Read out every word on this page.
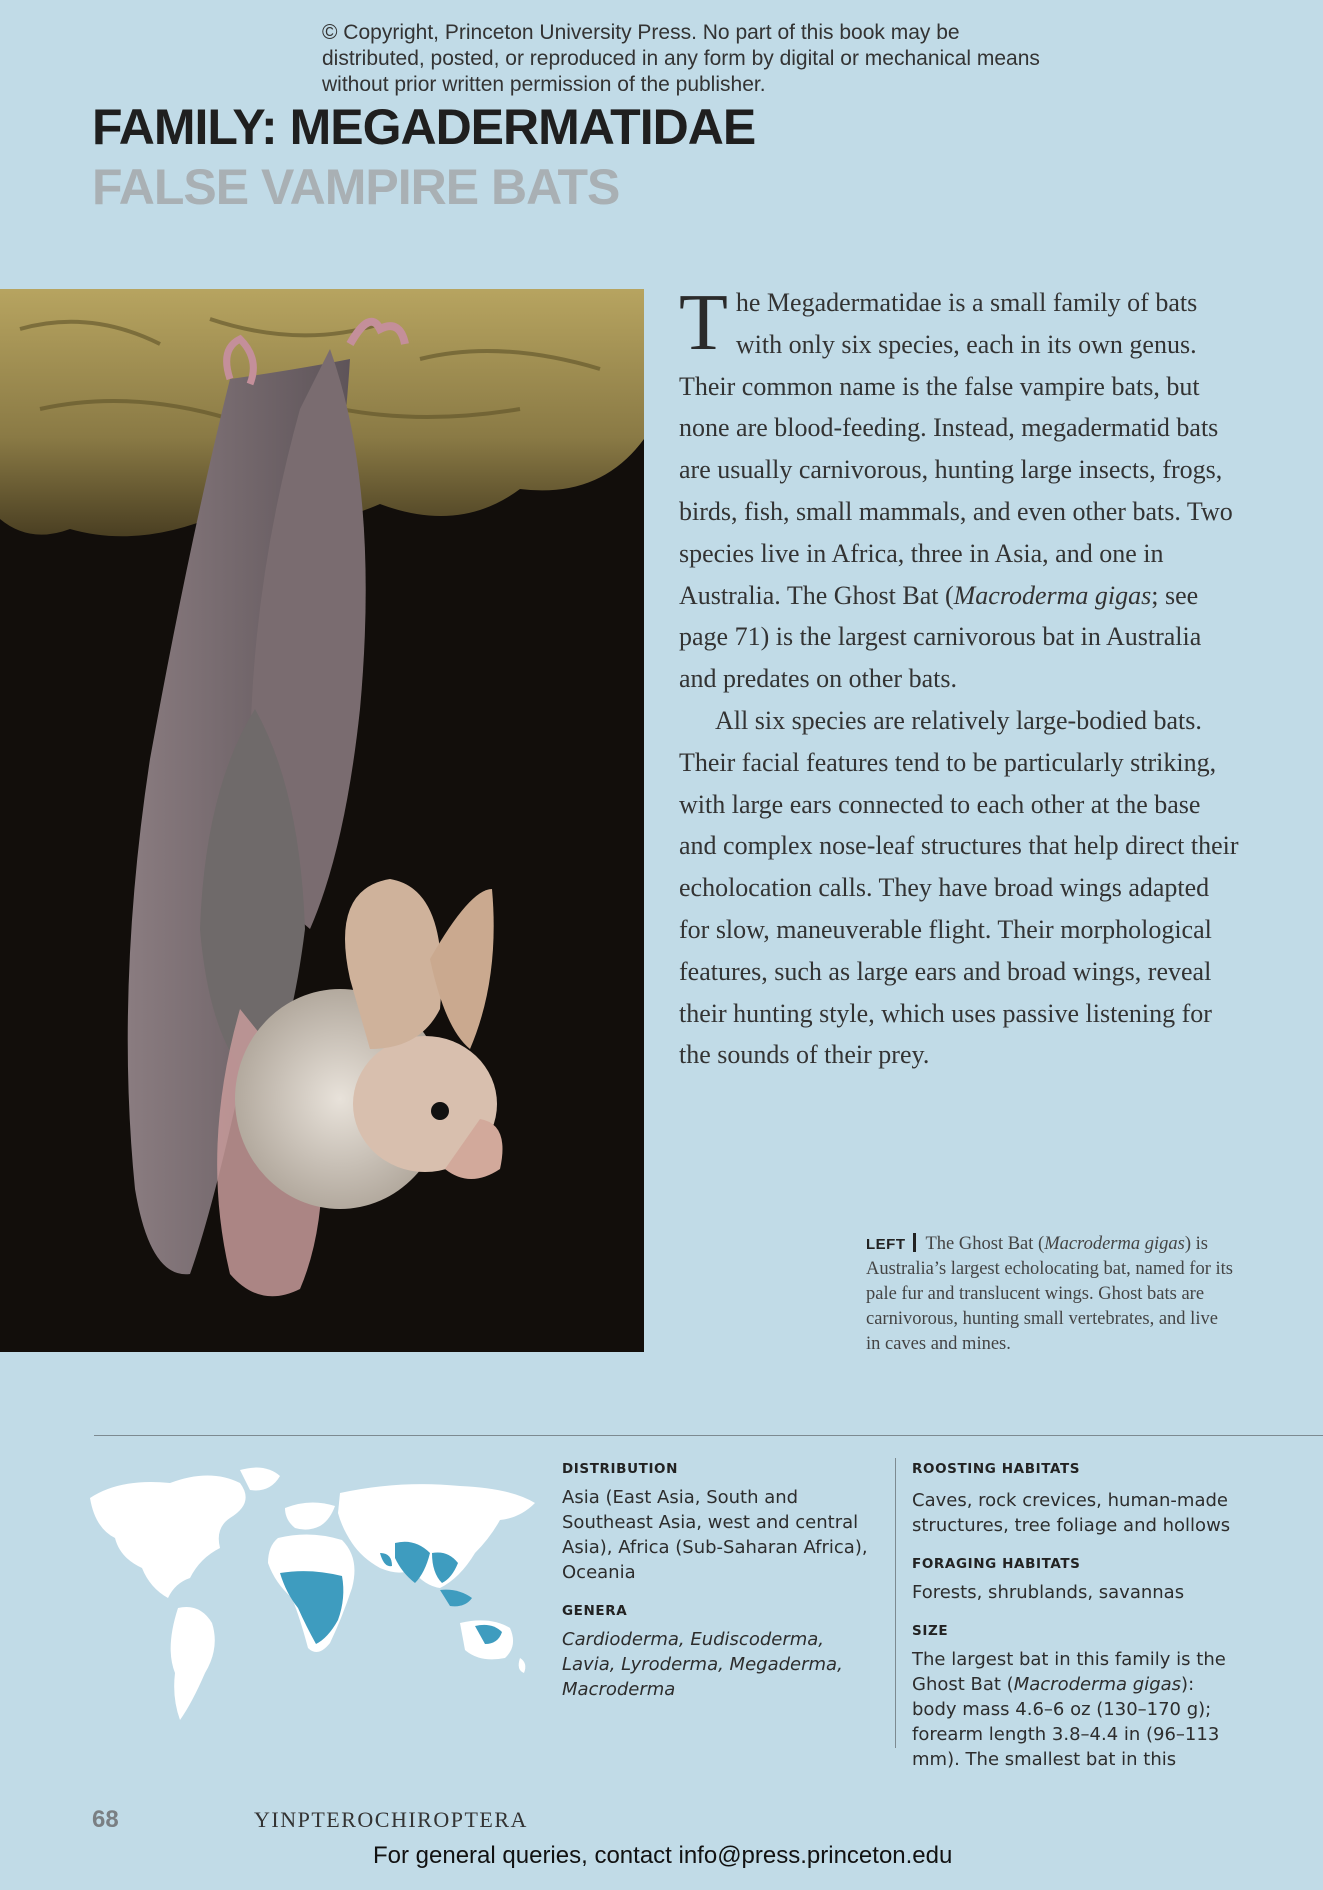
© Copyright, Princeton University Press. No part of this book may be distributed, posted, or reproduced in any form by digital or mechanical means without prior written permission of the publisher.
FAMILY: MEGADERMATIDAE
FALSE VAMPIRE BATS

The Megadermatidae is a small family of bats with only six species, each in its own genus. Their common name is the false vampire bats, but none are blood-feeding. Instead, megadermatid bats are usually carnivorous, hunting large insects, frogs, birds, fish, small mammals, and even other bats. Two species live in Africa, three in Asia, and one in Australia. The Ghost Bat (Macroderma gigas; see page 71) is the largest carnivorous bat in Australia and predates on other bats.

All six species are relatively large-bodied bats. Their facial features tend to be particularly striking, with large ears connected to each other at the base and complex nose-leaf structures that help direct their echolocation calls. They have broad wings adapted for slow, maneuverable flight. Their morphological features, such as large ears and broad wings, reveal their hunting style, which uses passive listening for the sounds of their prey.

LEFT The Ghost Bat (Macroderma gigas) is Australia’s largest echolocating bat, named for its pale fur and translucent wings. Ghost bats are carnivorous, hunting small vertebrates, and live in caves and mines.

DISTRIBUTION

Asia (East Asia, South and Southeast Asia, west and central Asia), Africa (Sub-Saharan Africa), Oceania

GENERA

Cardioderma, Eudiscoderma, Lavia, Lyroderma, Megaderma, Macroderma

ROOSTING HABITATS

Caves, rock crevices, human-made structures, tree foliage and hollows

FORAGING HABITATS

Forests, shrublands, savannas

SIZE

The largest bat in this family is the Ghost Bat (Macroderma gigas): body mass 4.6–6 oz (130–170 g); forearm length 3.8–4.4 in (96–113 mm). The smallest bat in this

68	YINPTEROCHIROPTERA
For general queries, contact info@press.princeton.edu
